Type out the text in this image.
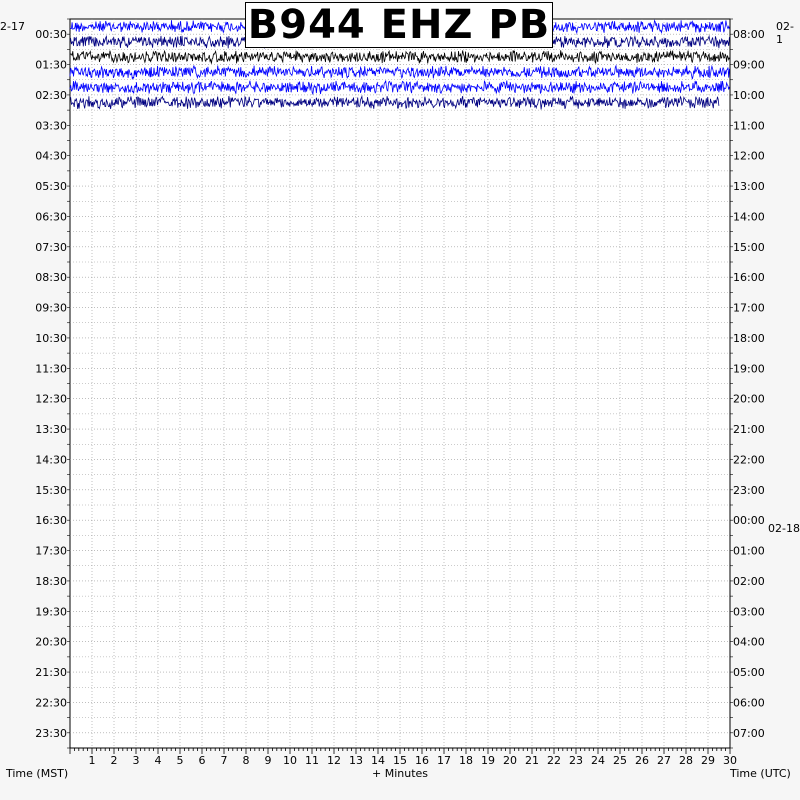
1 2 3 4 5 6 7 8 9 10 11 12 13 14 15 16 17 18 19 20 21 22 23 24 25 26 27 28 29 30
00:30
01:30
02:30
03:30
04:30
05:30
06:30
07:30
08:30
09:30
10:30
11:30
12:30
13:30
14:30
15:30
16:30
17:30
18:30
19:30
20:30
21:30
22:30
23:30
08:00
09:00
10:00
11:00
12:00
13:00
14:00
15:00
16:00
17:00
18:00
19:00
20:00
21:00
22:00
23:00
00:00
01:00
02:00
03:00
04:00
05:00
06:00
07:00
+ Minutes
Time (MST)	Time (UTC)
02-18
2-17	02-1
B944 EHZ PB
